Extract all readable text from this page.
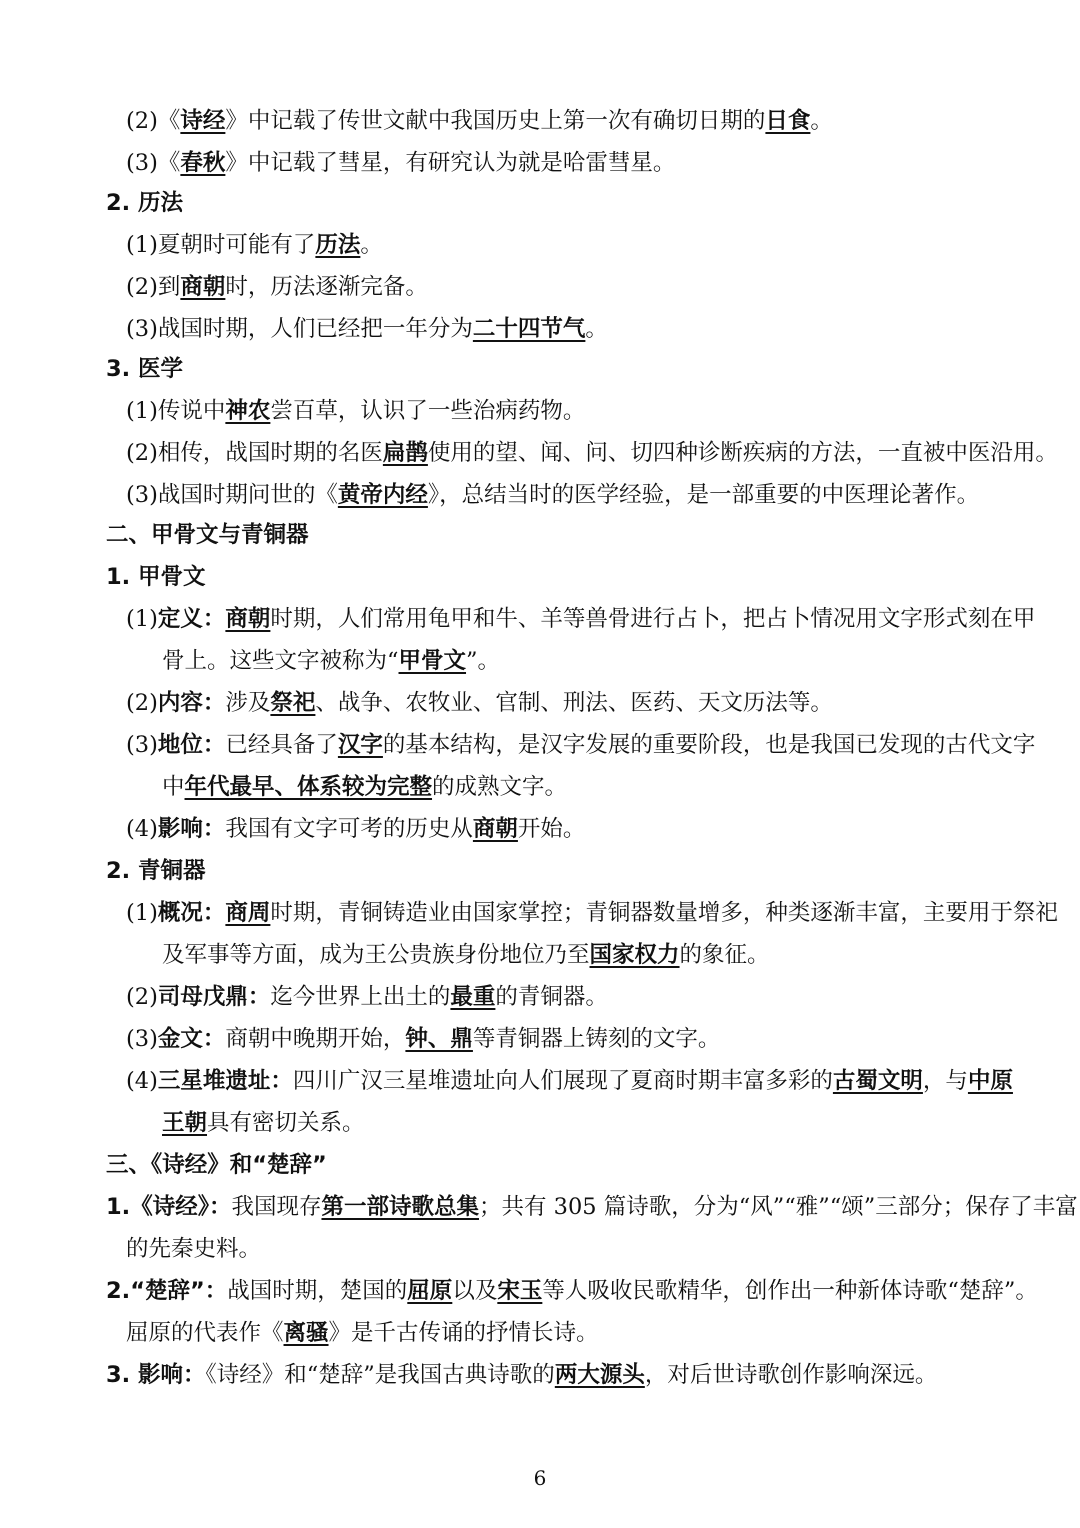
(2)《诗经》中记载了传世文献中我国历史上第一次有确切日期的日食。
(3)《春秋》中记载了彗星，有研究认为就是哈雷彗星。
2. 历法
(1)夏朝时可能有了历法。
(2)到商朝时，历法逐渐完备。
(3)战国时期，人们已经把一年分为二十四节气。
3. 医学
(1)传说中神农尝百草，认识了一些治病药物。
(2)相传，战国时期的名医扁鹊使用的望、闻、问、切四种诊断疾病的方法，一直被中医沿用。
(3)战国时期问世的《黄帝内经》，总结当时的医学经验，是一部重要的中医理论著作。
二、甲骨文与青铜器
1. 甲骨文
(1)定义：商朝时期，人们常用龟甲和牛、羊等兽骨进行占卜，把占卜情况用文字形式刻在甲
骨上。这些文字被称为“甲骨文”。
(2)内容：涉及祭祀、战争、农牧业、官制、刑法、医药、天文历法等。
(3)地位：已经具备了汉字的基本结构，是汉字发展的重要阶段，也是我国已发现的古代文字
中年代最早、体系较为完整的成熟文字。
(4)影响：我国有文字可考的历史从商朝开始。
2. 青铜器
(1)概况：商周时期，青铜铸造业由国家掌控；青铜器数量增多，种类逐渐丰富，主要用于祭祀
及军事等方面，成为王公贵族身份地位乃至国家权力的象征。
(2)司母戊鼎：迄今世界上出土的最重的青铜器。
(3)金文：商朝中晚期开始，钟、鼎等青铜器上铸刻的文字。
(4)三星堆遗址：四川广汉三星堆遗址向人们展现了夏商时期丰富多彩的古蜀文明，与中原
王朝具有密切关系。
三、《诗经》和“楚辞”
1.《诗经》：我国现存第一部诗歌总集；共有 305 篇诗歌，分为“风”“雅”“颂”三部分；保存了丰富
的先秦史料。
2.“楚辞”：战国时期，楚国的屈原以及宋玉等人吸收民歌精华，创作出一种新体诗歌“楚辞”。
屈原的代表作《离骚》是千古传诵的抒情长诗。
3. 影响：《诗经》和“楚辞”是我国古典诗歌的两大源头，对后世诗歌创作影响深远。
6
